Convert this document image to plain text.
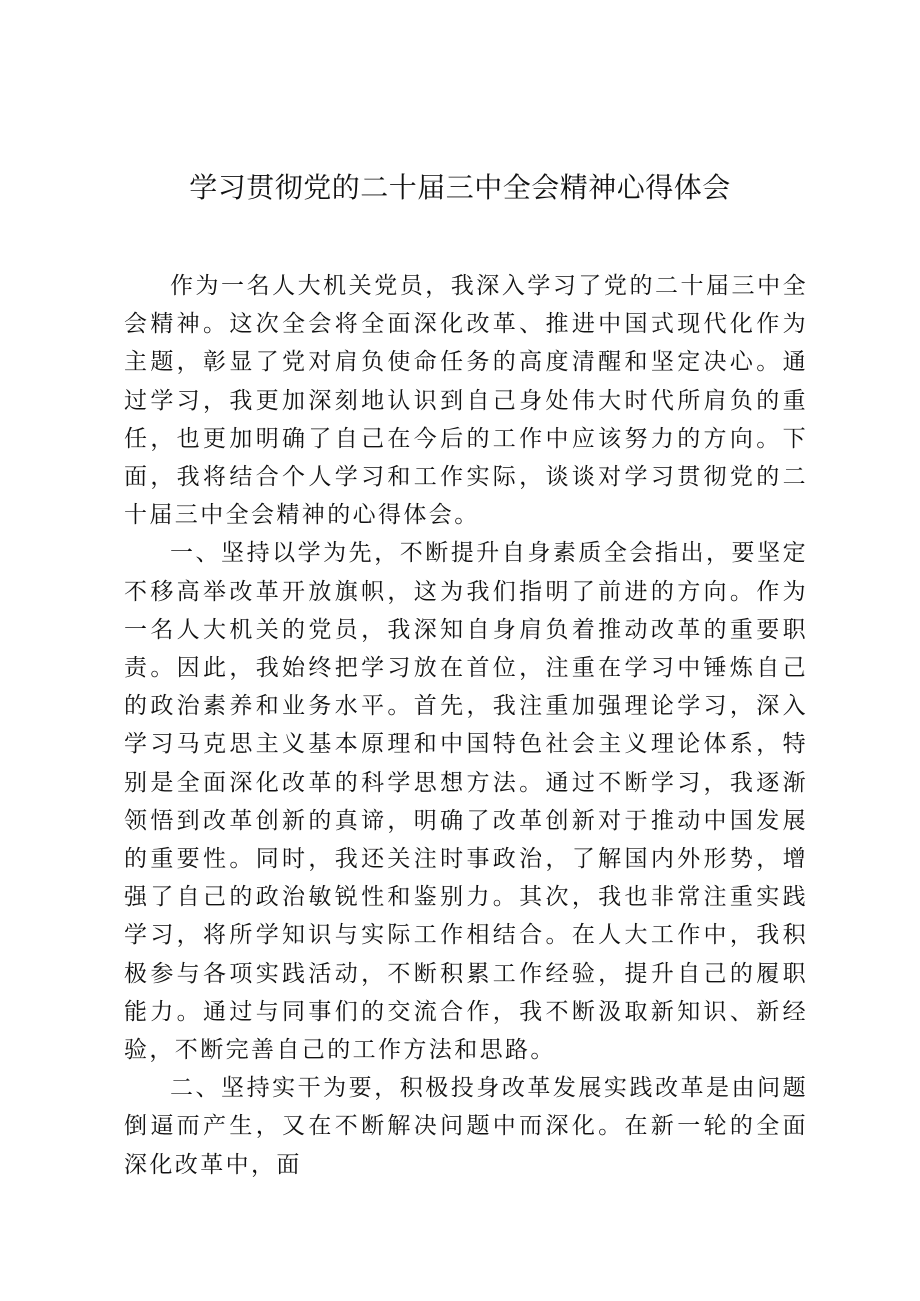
学习贯彻党的二十届三中全会精神心得体会

作为一名人大机关党员，我深入学习了党的二十届三中全会精神。这次全会将全面深化改革、推进中国式现代化作为主题，彰显了党对肩负使命任务的高度清醒和坚定决心。通过学习，我更加深刻地认识到自己身处伟大时代所肩负的重任，也更加明确了自己在今后的工作中应该努力的方向。下面，我将结合个人学习和工作实际，谈谈对学习贯彻党的二十届三中全会精神的心得体会。

一、坚持以学为先，不断提升自身素质全会指出，要坚定不移高举改革开放旗帜，这为我们指明了前进的方向。作为一名人大机关的党员，我深知自身肩负着推动改革的重要职责。因此，我始终把学习放在首位，注重在学习中锤炼自己的政治素养和业务水平。首先，我注重加强理论学习，深入学习马克思主义基本原理和中国特色社会主义理论体系，特别是全面深化改革的科学思想方法。通过不断学习，我逐渐领悟到改革创新的真谛，明确了改革创新对于推动中国发展的重要性。同时，我还关注时事政治，了解国内外形势，增强了自己的政治敏锐性和鉴别力。其次，我也非常注重实践学习，将所学知识与实际工作相结合。在人大工作中，我积极参与各项实践活动，不断积累工作经验，提升自己的履职能力。通过与同事们的交流合作，我不断汲取新知识、新经验，不断完善自己的工作方法和思路。

二、坚持实干为要，积极投身改革发展实践改革是由问题倒逼而产生，又在不断解决问题中而深化。在新一轮的全面深化改革中，面
